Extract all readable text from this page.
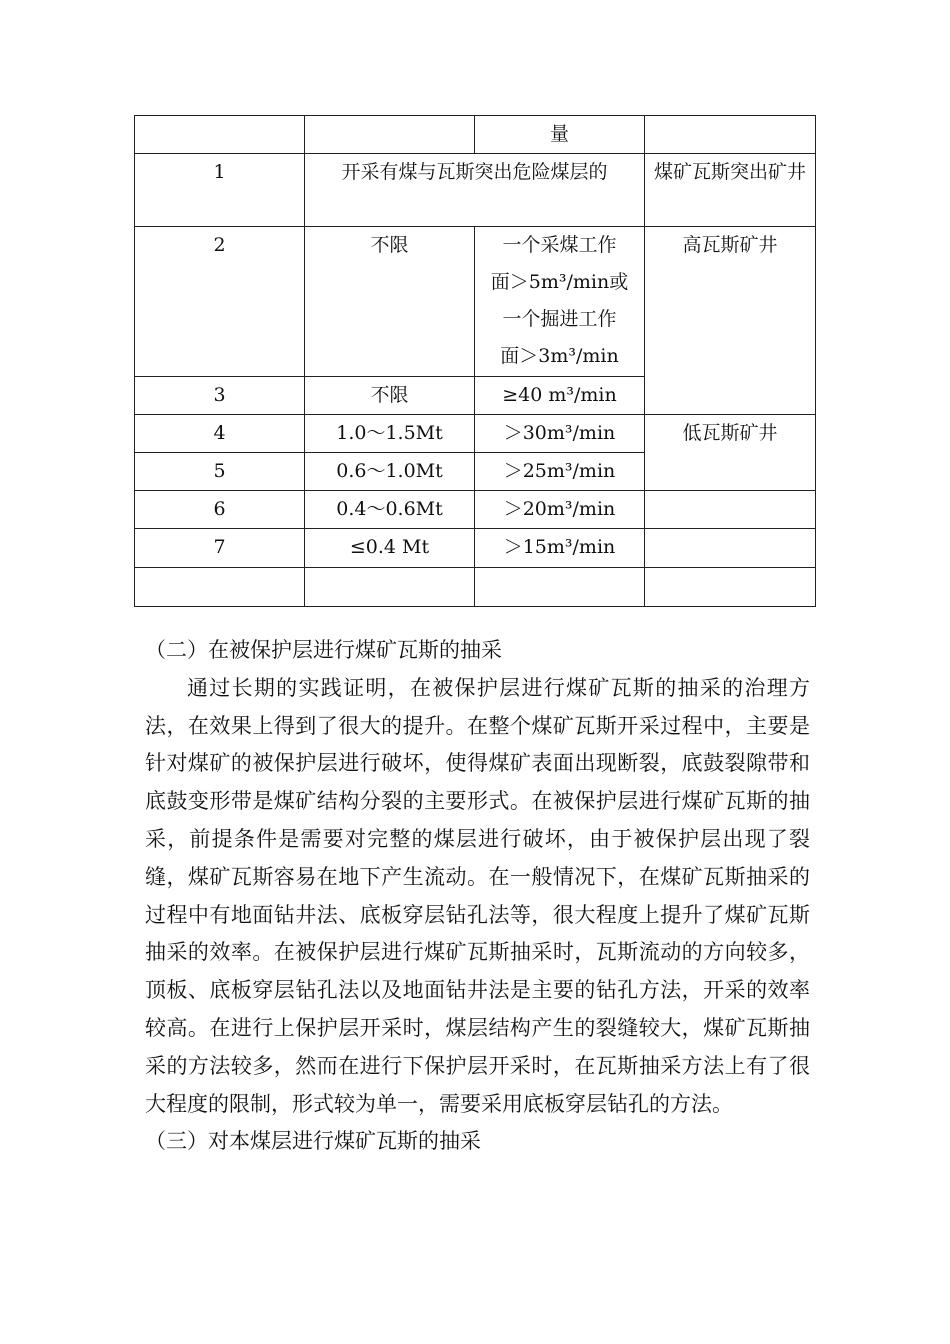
		量	
1	开采有煤与瓦斯突出危险煤层的		煤矿瓦斯突出矿井
2	不限	一个采煤工作
面＞5m³/min或
一个掘进工作
面＞3m³/min	高瓦斯矿井
3	不限	≥40 m³/min	
4	1.0～1.5Mt	＞30m³/min	低瓦斯矿井
5	0.6～1.0Mt	＞25m³/min	
6	0.4～0.6Mt	＞20m³/min	
7	≤0.4 Mt	＞15m³/min	

（二）在被保护层进行煤矿瓦斯的抽采

通过长期的实践证明，在被保护层进行煤矿瓦斯的抽采的治理方法，在效果上得到了很大的提升。在整个煤矿瓦斯开采过程中，主要是针对煤矿的被保护层进行破坏，使得煤矿表面出现断裂，底鼓裂隙带和底鼓变形带是煤矿结构分裂的主要形式。在被保护层进行煤矿瓦斯的抽采，前提条件是需要对完整的煤层进行破坏，由于被保护层出现了裂缝，煤矿瓦斯容易在地下产生流动。在一般情况下，在煤矿瓦斯抽采的过程中有地面钻井法、底板穿层钻孔法等，很大程度上提升了煤矿瓦斯抽采的效率。在被保护层进行煤矿瓦斯抽采时，瓦斯流动的方向较多，顶板、底板穿层钻孔法以及地面钻井法是主要的钻孔方法，开采的效率较高。在进行上保护层开采时，煤层结构产生的裂缝较大，煤矿瓦斯抽采的方法较多，然而在进行下保护层开采时，在瓦斯抽采方法上有了很大程度的限制，形式较为单一，需要采用底板穿层钻孔的方法。

（三）对本煤层进行煤矿瓦斯的抽采
